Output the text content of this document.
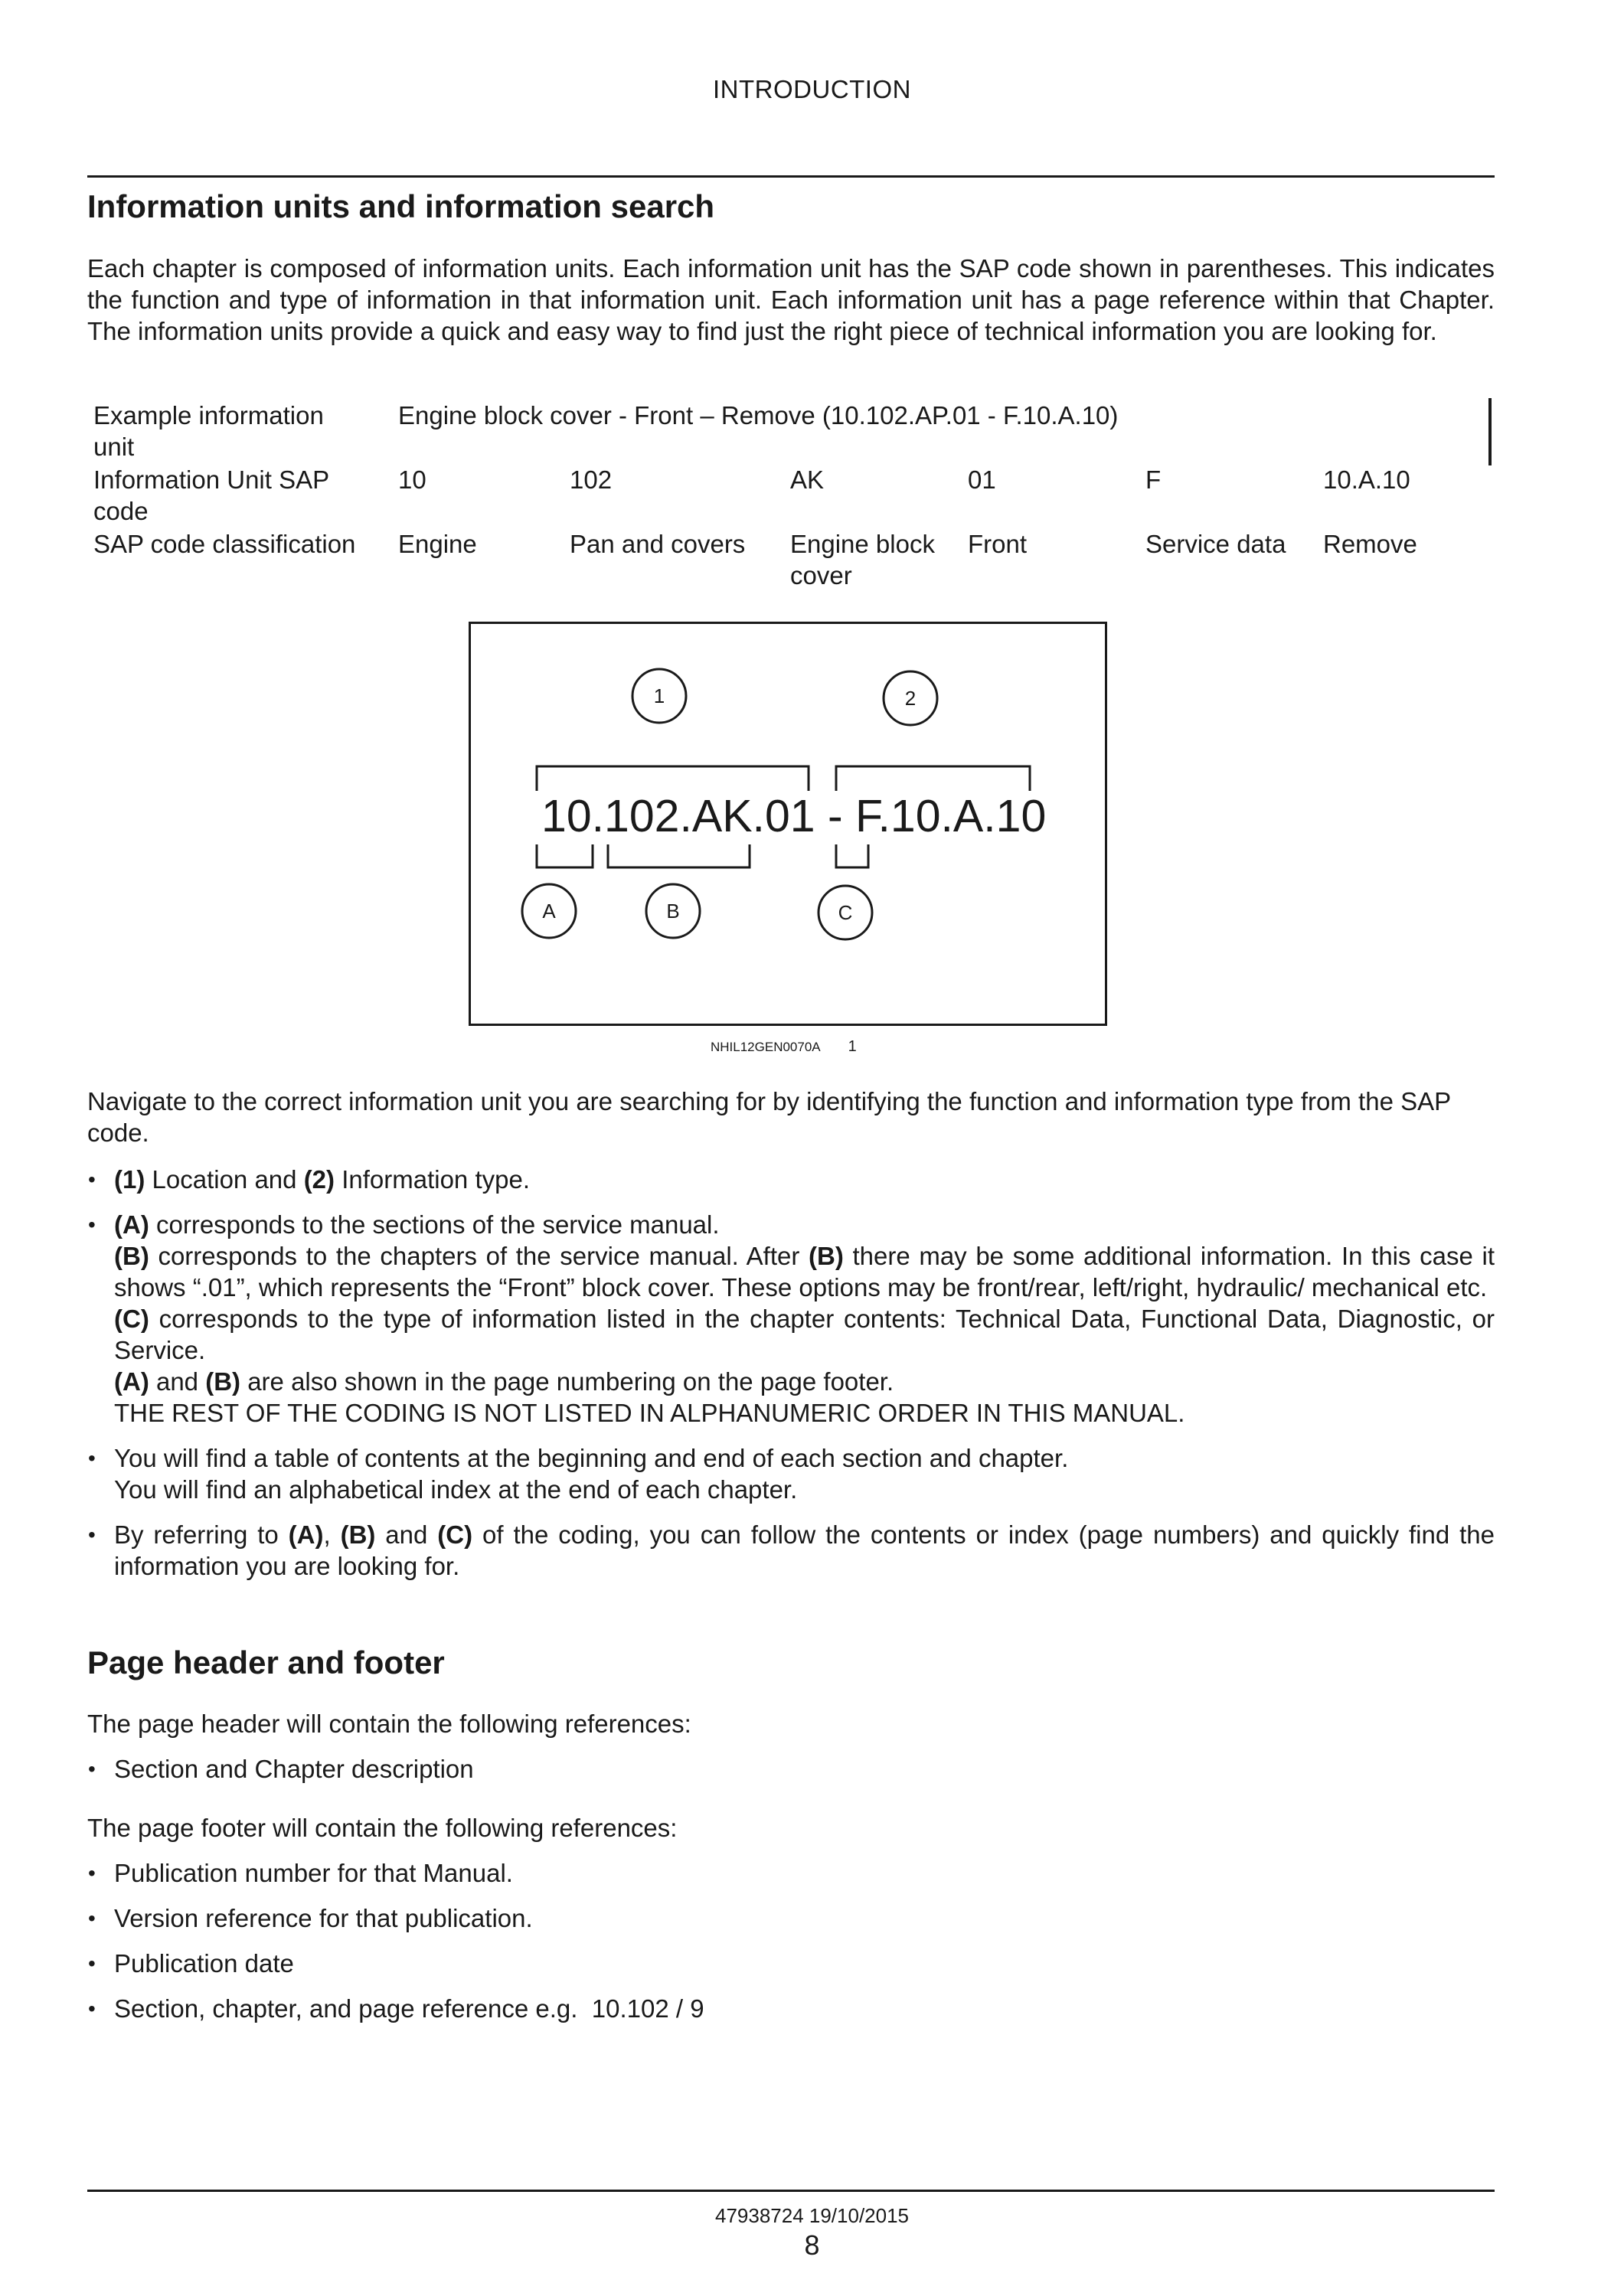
INTRODUCTION
Information units and information search

Each chapter is composed of information units. Each information unit has the SAP code shown in parentheses. This indicates the function and type of information in that information unit. Each information unit has a page reference within that Chapter. The information units provide a quick and easy way to find just the right piece of technical information you are looking for.

Example information unit	Engine block cover - Front – Remove (10.102.AP.01 - F.10.A.10)					
Information Unit SAP code	10	102	AK	01	F	10.A.10
SAP code classification	Engine	Pan and covers	Engine block cover	Front	Service data	Remove
1	2
A	B	C
10.102.AK.01 - F.10.A.10
NHIL12GEN0070A 1

Navigate to the correct information unit you are searching for by identifying the function and information type from the SAP code.

• (1) Location and (2) Information type.
• (A) corresponds to the sections of the service manual.
(B) corresponds to the chapters of the service manual. After (B) there may be some additional information. In this case it shows “.01”, which represents the “Front” block cover. These options may be front/rear, left/right, hydraulic/ mechanical etc.
(C) corresponds to the type of information listed in the chapter contents: Technical Data, Functional Data, Diagnostic, or Service.
(A) and (B) are also shown in the page numbering on the page footer.
THE REST OF THE CODING IS NOT LISTED IN ALPHANUMERIC ORDER IN THIS MANUAL.
• You will find a table of contents at the beginning and end of each section and chapter.
You will find an alphabetical index at the end of each chapter.
• By referring to (A), (B) and (C) of the coding, you can follow the contents or index (page numbers) and quickly find the information you are looking for.
Page header and footer

The page header will contain the following references:

• Section and Chapter description

The page footer will contain the following references:

• Publication number for that Manual.
• Version reference for that publication.
• Publication date
• Section, chapter, and page reference e.g.  10.102 / 9
47938724 19/10/2015
8
